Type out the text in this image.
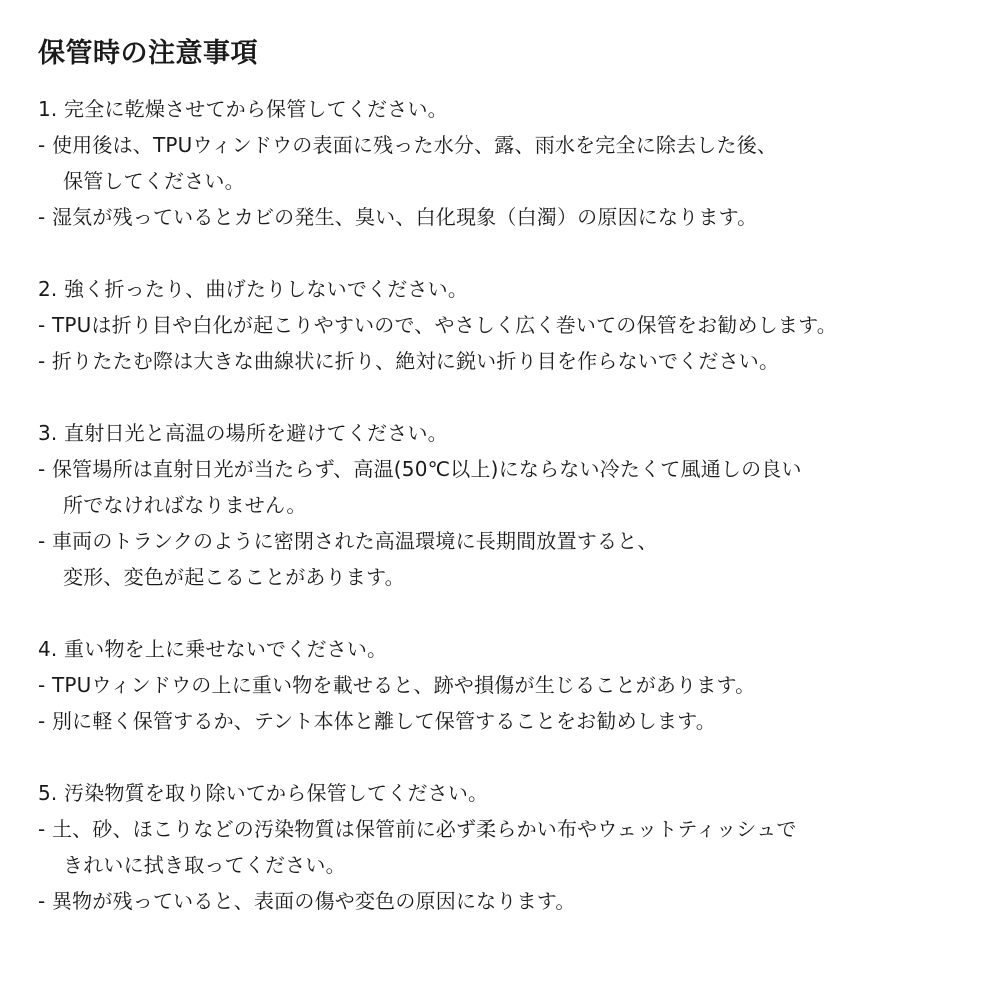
保管時の注意事項
1. 完全に乾燥させてから保管してください。
- 使用後は、TPUウィンドウの表面に残った水分、露、雨水を完全に除去した後、
保管してください。
- 湿気が残っているとカビの発生、臭い、白化現象（白濁）の原因になります。
2. 強く折ったり、曲げたりしないでください。
- TPUは折り目や白化が起こりやすいので、やさしく広く巻いての保管をお勧めします。
- 折りたたむ際は大きな曲線状に折り、絶対に鋭い折り目を作らないでください。
3. 直射日光と高温の場所を避けてください。
- 保管場所は直射日光が当たらず、高温(50℃以上)にならない冷たくて風通しの良い
所でなければなりません。
- 車両のトランクのように密閉された高温環境に長期間放置すると、
変形、変色が起こることがあります。
4. 重い物を上に乗せないでください。
- TPUウィンドウの上に重い物を載せると、跡や損傷が生じることがあります。
- 別に軽く保管するか、テント本体と離して保管することをお勧めします。
5. 汚染物質を取り除いてから保管してください。
- 土、砂、ほこりなどの汚染物質は保管前に必ず柔らかい布やウェットティッシュで
きれいに拭き取ってください。
- 異物が残っていると、表面の傷や変色の原因になります。
